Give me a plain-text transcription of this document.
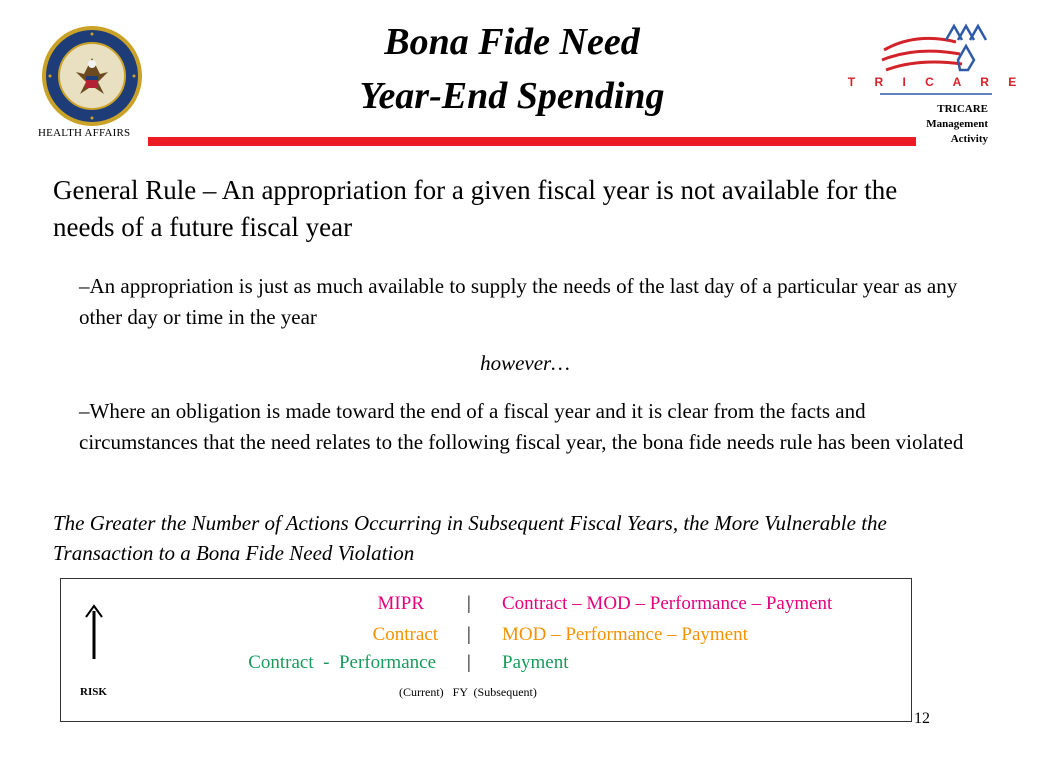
HEALTH AFFAIRS
Bona Fide Need
Year-End Spending	T R I C A R E
TRICARE
Management
Activity
General Rule – An appropriation for a given fiscal year is not available for the needs of a future fiscal year
–An appropriation is just as much available to supply the needs of the last day of a particular year as any other day or time in the year
however…
–Where an obligation is made toward the end of a fiscal year and it is clear from the facts and circumstances that the need relates to the following fiscal year, the bona fide needs rule has been violated
The Greater the Number of Actions Occurring in Subsequent Fiscal Years, the More Vulnerable the Transaction to a Bona Fide Need Violation
MIPR | Contract – MOD – Performance – Payment
Contract | MOD – Performance – Payment
Contract  -  Performance | Payment
RISK	(Current)   FY  (Subsequent)
12
